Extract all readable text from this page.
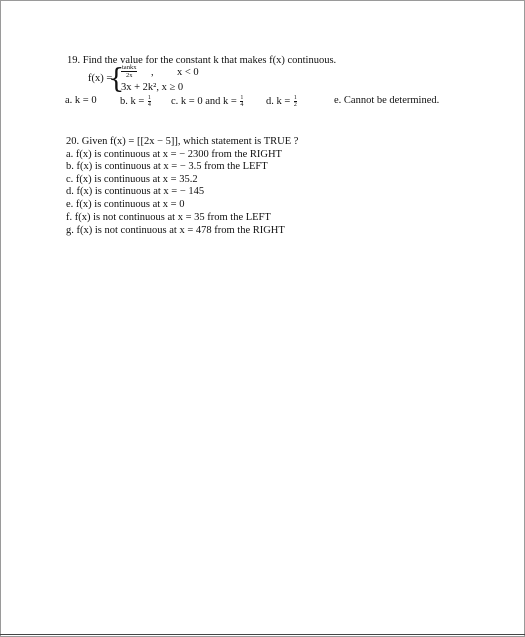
19. Find the value for the constant k that makes f(x) continuous.
f(x) =
{
$\frac{\text{tankx}}{2x}$ , x < 0
3x + 2k², x ≥ 0
a. k = 0 b. $k = \frac{1}{4} c$. k = 0 and $k = \frac{1}{4} d$. $k = \frac{1}{2}$	e. Cannot be determined.
20. Given f(x) = [[2x − 5]], which statement is TRUE ?
a. f(x) is continuous at x = − 2300 from the RIGHT
b. f(x) is continuous at x = − 3.5 from the LEFT
c. f(x) is continuous at x = 35.2
d. f(x) is continuous at x = − 145
e. f(x) is continuous at x = 0
f. f(x) is not continuous at x = 35 from the LEFT
g. f(x) is not continuous at x = 478 from the RIGHT
